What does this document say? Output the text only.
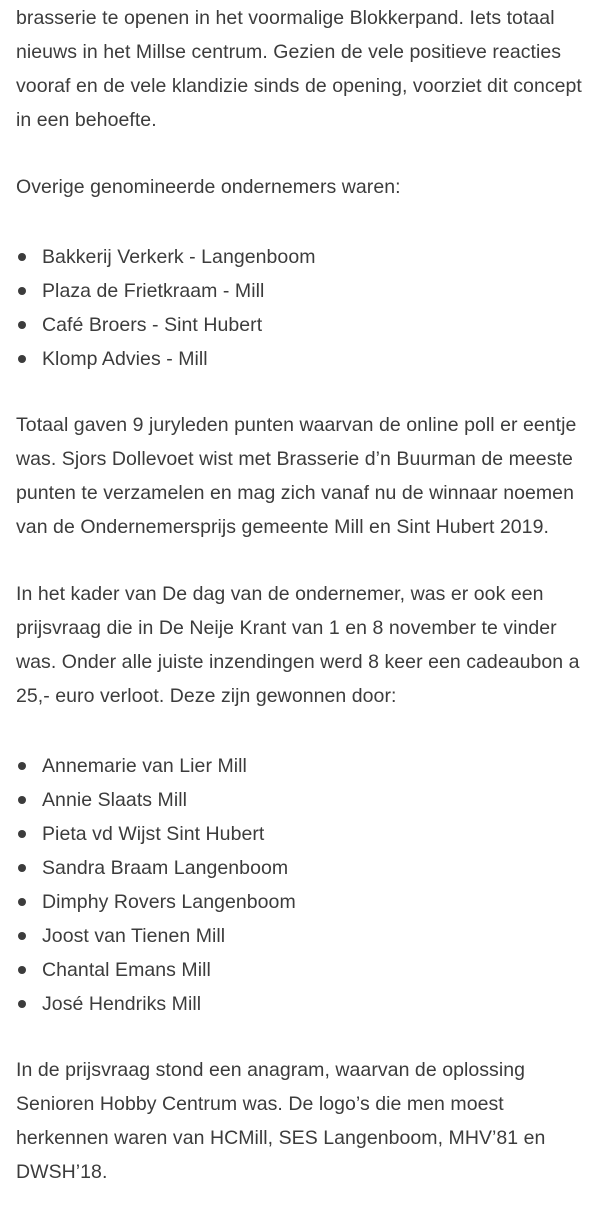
brasserie te openen in het voormalige Blokkerpand. Iets totaal nieuws in het Millse centrum. Gezien de vele positieve reacties vooraf en de vele klandizie sinds de opening, voorziet dit concept in een behoefte.

Overige genomineerde ondernemers waren:

Bakkerij Verkerk - Langenboom
Plaza de Frietkraam - Mill
Café Broers - Sint Hubert
Klomp Advies - Mill

Totaal gaven 9 juryleden punten waarvan de online poll er eentje was. Sjors Dollevoet wist met Brasserie d’n Buurman de meeste punten te verzamelen en mag zich vanaf nu de winnaar noemen van de Ondernemersprijs gemeente Mill en Sint Hubert 2019.

In het kader van De dag van de ondernemer, was er ook een prijsvraag die in De Neije Krant van 1 en 8 november te vinder was. Onder alle juiste inzendingen werd 8 keer een cadeaubon a 25,- euro verloot. Deze zijn gewonnen door:

Annemarie van Lier Mill
Annie Slaats Mill
Pieta vd Wijst Sint Hubert
Sandra Braam Langenboom
Dimphy Rovers Langenboom
Joost van Tienen Mill
Chantal Emans Mill
José Hendriks Mill

In de prijsvraag stond een anagram, waarvan de oplossing Senioren Hobby Centrum was. De logo’s die men moest herkennen waren van HCMill, SES Langenboom, MHV’81 en DWSH’18.
